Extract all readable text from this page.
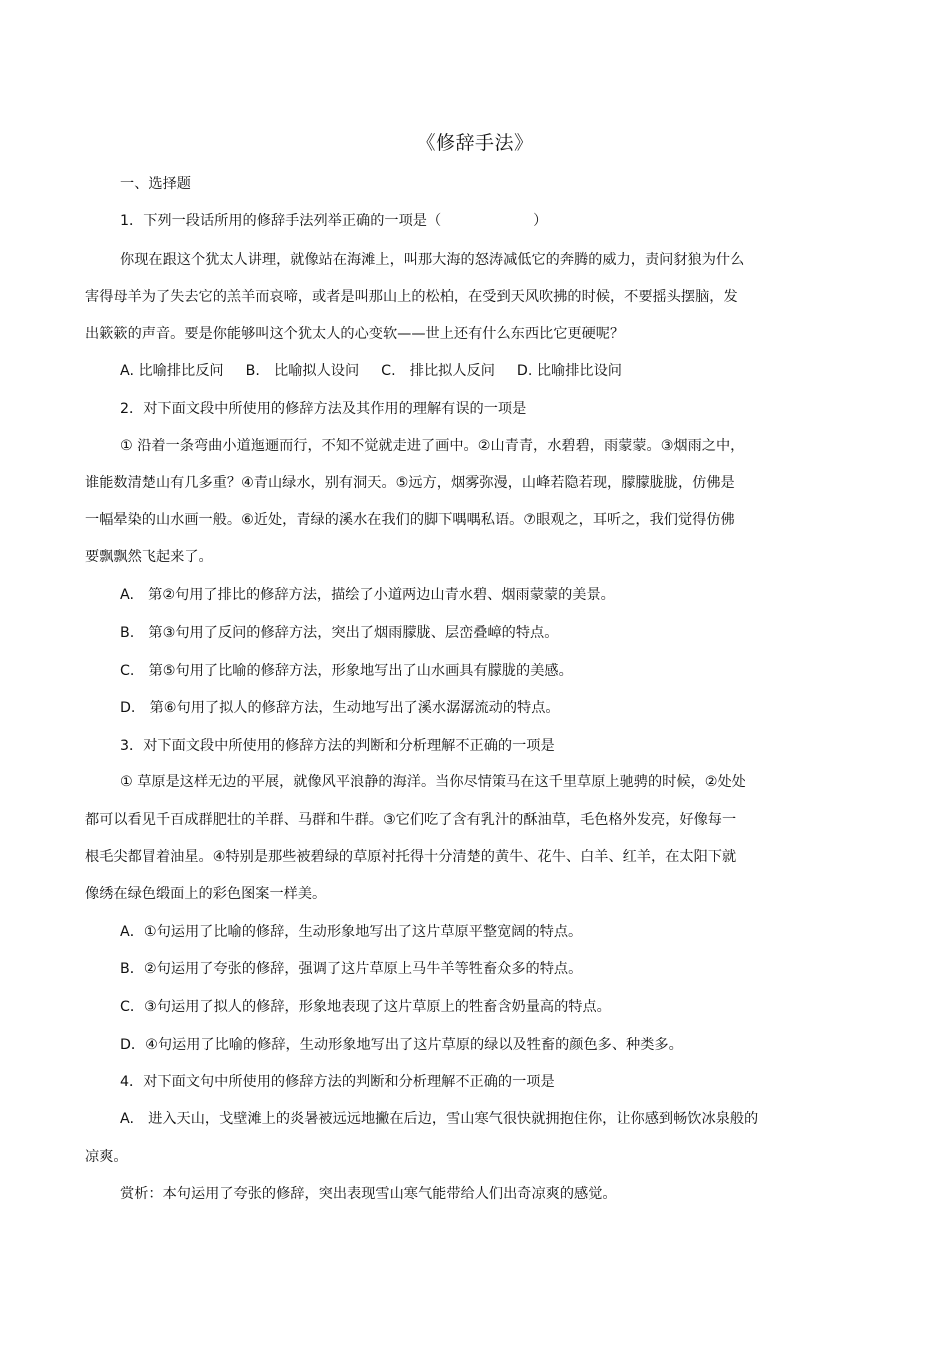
《修辞手法》
一、选择题
1．下列一段话所用的修辞手法列举正确的一项是（	）
你现在跟这个犹太人讲理，就像站在海滩上，叫那大海的怒涛减低它的奔腾的威力，责问豺狼为什么
害得母羊为了失去它的羔羊而哀啼，或者是叫那山上的松柏，在受到天风吹拂的时候，不要摇头摆脑，发
出簌簌的声音。要是你能够叫这个犹太人的心变软——世上还有什么东西比它更硬呢？
A. 比喻排比反问 B.　比喻拟人设问 C.　排比拟人反问 D. 比喻排比设问
2．对下面文段中所使用的修辞方法及其作用的理解有误的一项是
① 沿着一条弯曲小道迤逦而行，不知不觉就走进了画中。②山青青，水碧碧，雨蒙蒙。③烟雨之中，
谁能数清楚山有几多重？④青山绿水，别有洞天。⑤远方，烟雾弥漫，山峰若隐若现，朦朦胧胧，仿佛是
一幅晕染的山水画一般。⑥近处，青绿的溪水在我们的脚下喁喁私语。⑦眼观之，耳听之，我们觉得仿佛
要飘飘然飞起来了。
A.　第②句用了排比的修辞方法，描绘了小道两边山青水碧、烟雨蒙蒙的美景。
B.　第③句用了反问的修辞方法，突出了烟雨朦胧、层峦叠嶂的特点。
C.　第⑤句用了比喻的修辞方法，形象地写出了山水画具有朦胧的美感。
D.　第⑥句用了拟人的修辞方法，生动地写出了溪水潺潺流动的特点。
3．对下面文段中所使用的修辞方法的判断和分析理解不正确的一项是
① 草原是这样无边的平展，就像风平浪静的海洋。当你尽情策马在这千里草原上驰骋的时候，②处处
都可以看见千百成群肥壮的羊群、马群和牛群。③它们吃了含有乳汁的酥油草，毛色格外发亮，好像每一
根毛尖都冒着油星。④特别是那些被碧绿的草原衬托得十分清楚的黄牛、花牛、白羊、红羊，在太阳下就
像绣在绿色缎面上的彩色图案一样美。
A．①句运用了比喻的修辞，生动形象地写出了这片草原平整宽阔的特点。
B．②句运用了夸张的修辞，强调了这片草原上马牛羊等牲畜众多的特点。
C．③句运用了拟人的修辞，形象地表现了这片草原上的牲畜含奶量高的特点。
D．④句运用了比喻的修辞，生动形象地写出了这片草原的绿以及牲畜的颜色多、种类多。
4．对下面文句中所使用的修辞方法的判断和分析理解不正确的一项是
A.　进入天山，戈壁滩上的炎暑被远远地撇在后边，雪山寒气很快就拥抱住你，让你感到畅饮冰泉般的
凉爽。
赏析：本句运用了夸张的修辞，突出表现雪山寒气能带给人们出奇凉爽的感觉。
